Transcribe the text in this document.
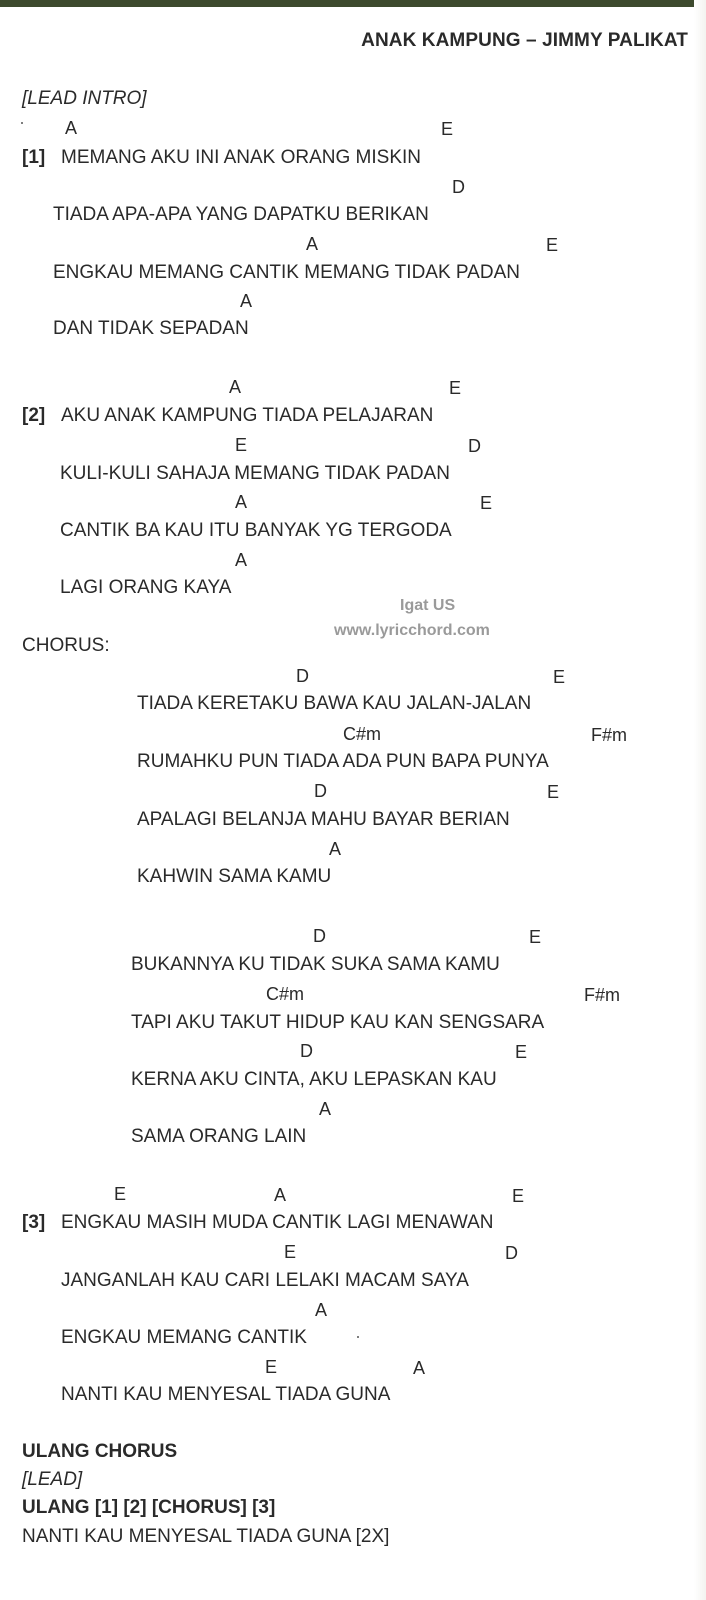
ANAK KAMPUNG – JIMMY PALIKAT
Igat US
www.lyricchord.com
[LEAD INTRO]
A	E
[1] MEMANG AKU INI ANAK ORANG MISKIN
D
TIADA APA-APA YANG DAPATKU BERIKAN
A	E
ENGKAU MEMANG CANTIK MEMANG TIDAK PADAN
A
DAN TIDAK SEPADAN
A	E
[2] AKU ANAK KAMPUNG TIADA PELAJARAN
E	D
KULI-KULI SAHAJA MEMANG TIDAK PADAN
A	E
CANTIK BA KAU ITU BANYAK YG TERGODA
A
LAGI ORANG KAYA
CHORUS:
D	E
TIADA KERETAKU BAWA KAU JALAN-JALAN
C#m	F#m
RUMAHKU PUN TIADA ADA PUN BAPA PUNYA
D	E
APALAGI BELANJA MAHU BAYAR BERIAN
A
KAHWIN SAMA KAMU
D	E
BUKANNYA KU TIDAK SUKA SAMA KAMU
C#m	F#m
TAPI AKU TAKUT HIDUP KAU KAN SENGSARA
D	E
KERNA AKU CINTA, AKU LEPASKAN KAU
A
SAMA ORANG LAIN
E	A	E
[3] ENGKAU MASIH MUDA CANTIK LAGI MENAWAN
E	D
JANGANLAH KAU CARI LELAKI MACAM SAYA
A
ENGKAU MEMANG CANTIK
E	A
NANTI KAU MENYESAL TIADA GUNA
ULANG CHORUS
[LEAD]
ULANG [1] [2] [CHORUS] [3]
NANTI KAU MENYESAL TIADA GUNA [2X]
